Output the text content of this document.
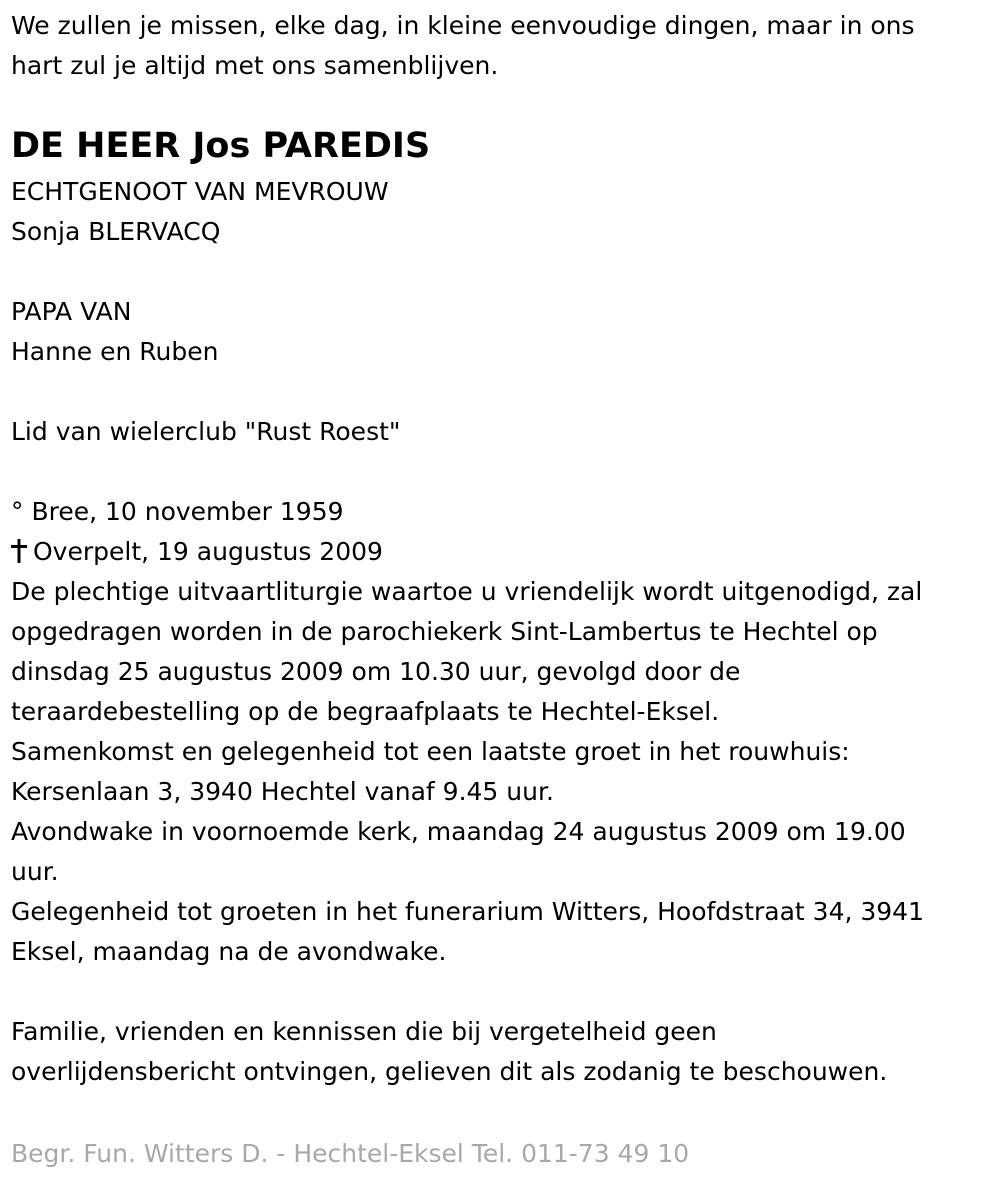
We zullen je missen, elke dag, in kleine eenvoudige dingen, maar in ons

hart zul je altijd met ons samenblijven.

DE HEER Jos PAREDIS

ECHTGENOOT VAN MEVROUW

Sonja BLERVACQ

PAPA VAN

Hanne en Ruben

Lid van wielerclub "Rust Roest"

° Bree, 10 november 1959

Overpelt, 19 augustus 2009

De plechtige uitvaartliturgie waartoe u vriendelijk wordt uitgenodigd, zal

opgedragen worden in de parochiekerk Sint-Lambertus te Hechtel op

dinsdag 25 augustus 2009 om 10.30 uur, gevolgd door de

teraardebestelling op de begraafplaats te Hechtel-Eksel.

Samenkomst en gelegenheid tot een laatste groet in het rouwhuis:

Kersenlaan 3, 3940 Hechtel vanaf 9.45 uur.

Avondwake in voornoemde kerk, maandag 24 augustus 2009 om 19.00

uur.

Gelegenheid tot groeten in het funerarium Witters, Hoofdstraat 34, 3941

Eksel, maandag na de avondwake.

Familie, vrienden en kennissen die bij vergetelheid geen

overlijdensbericht ontvingen, gelieven dit als zodanig te beschouwen.

Begr. Fun. Witters D. - Hechtel-Eksel Tel. 011-73 49 10
